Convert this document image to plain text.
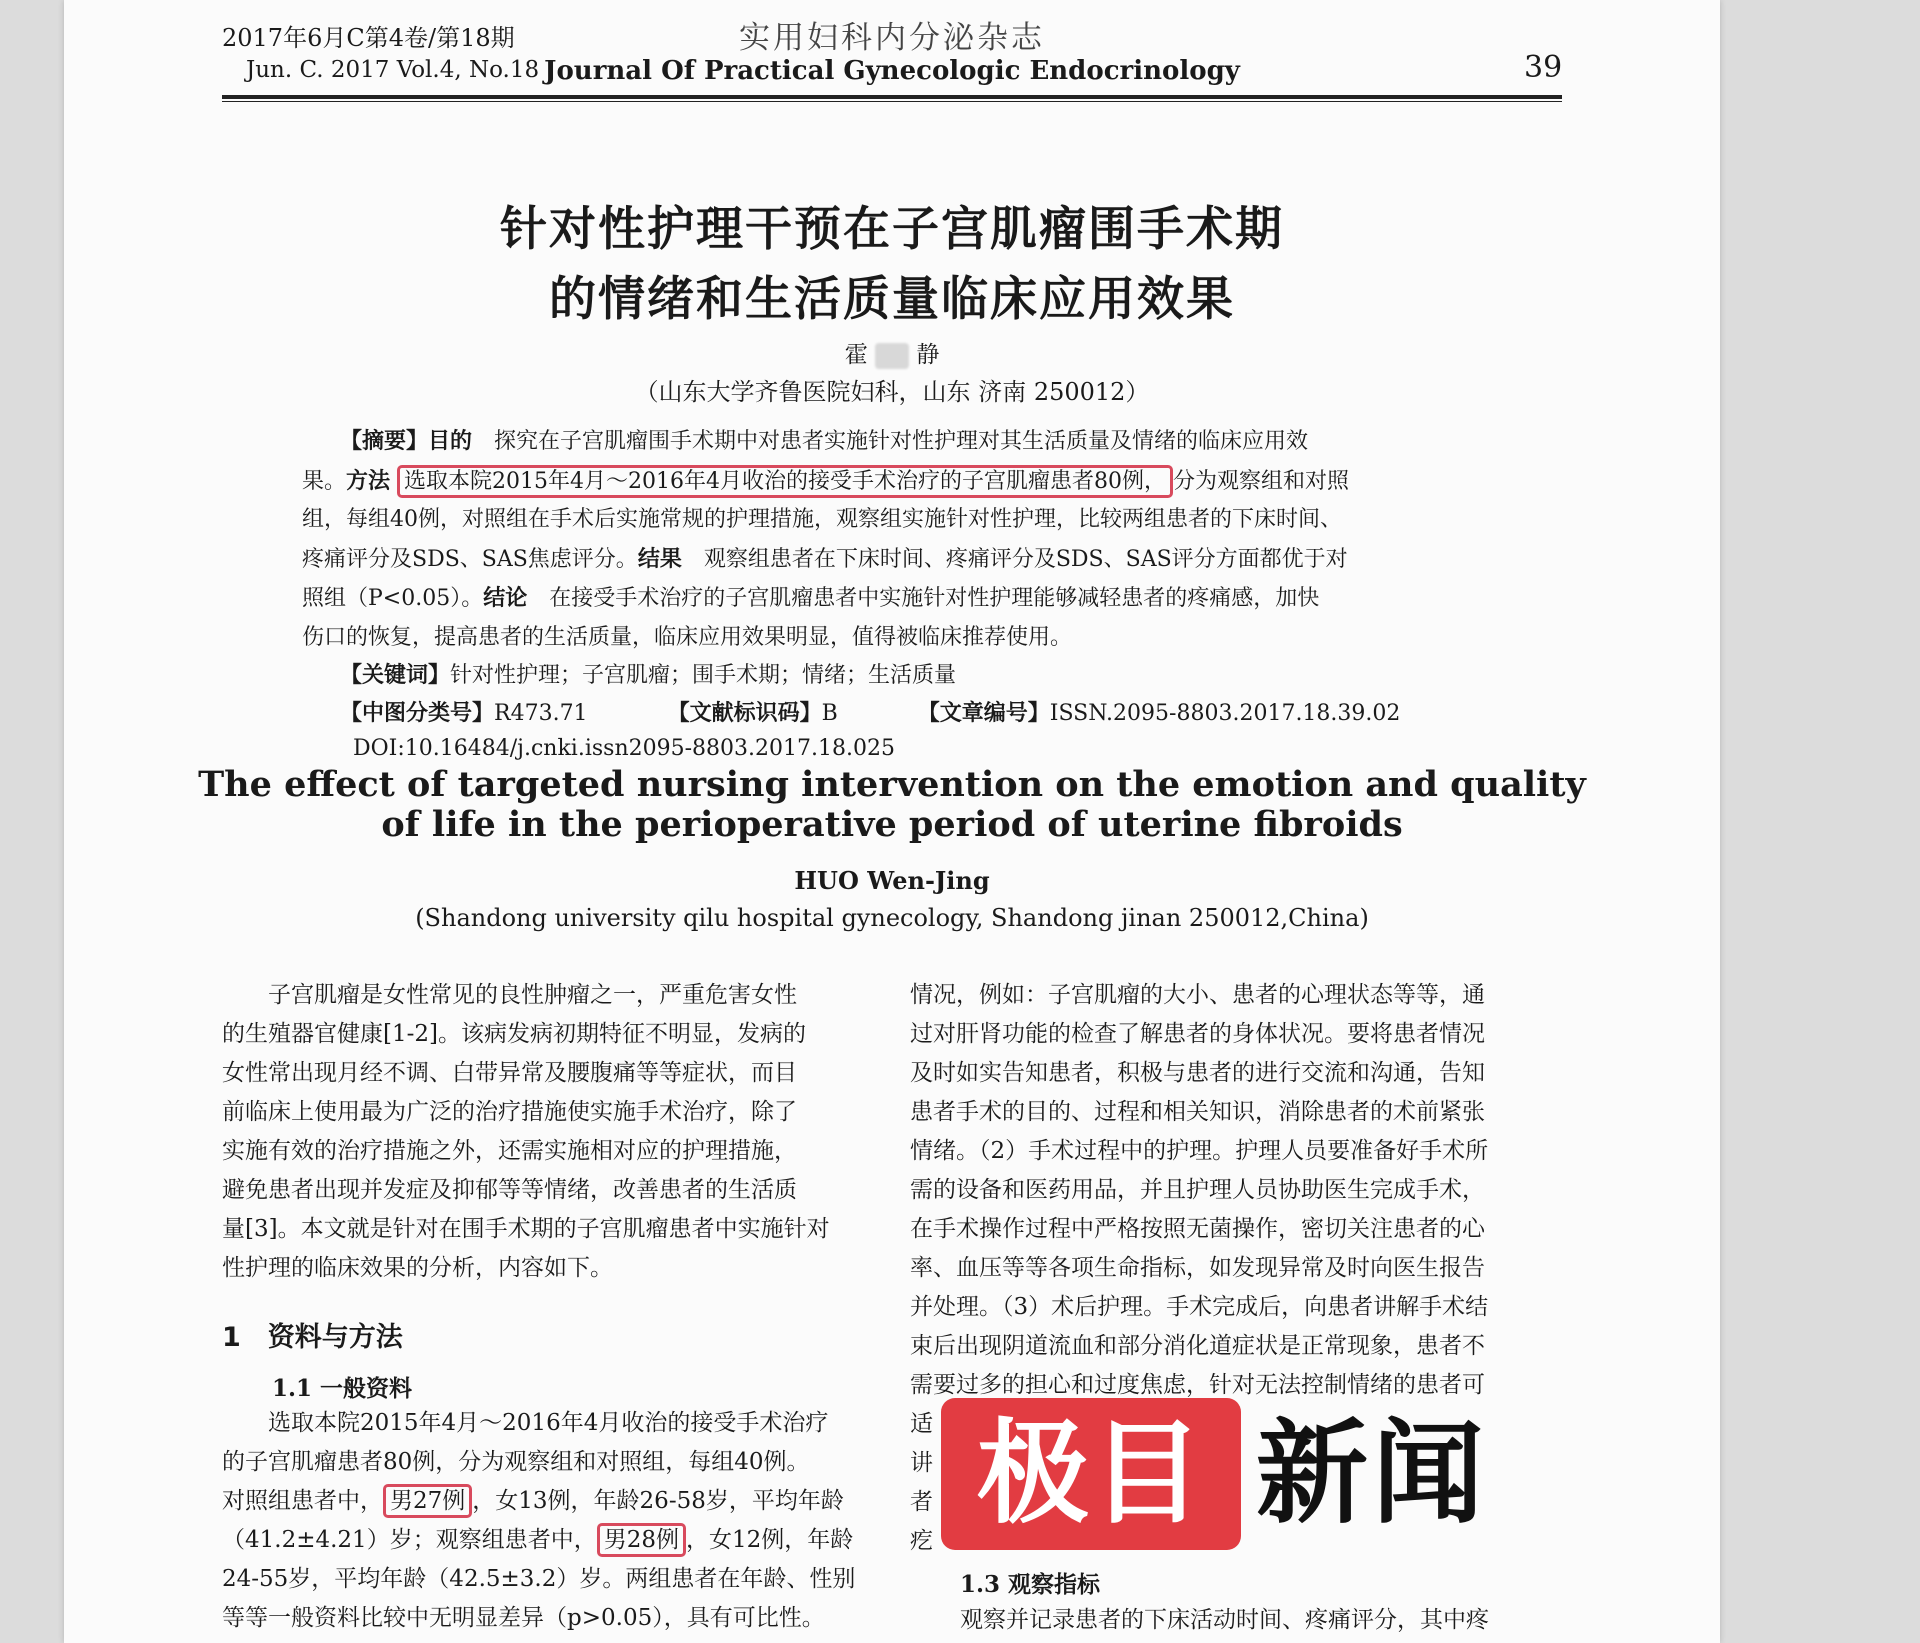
2017年6月C第4卷/第18期
Jun. C. 2017 Vol.4, No.18
实用妇科内分泌杂志
Journal Of Practical Gynecologic Endocrinology	39
针对性护理干预在子宫肌瘤围手术期
的情绪和生活质量临床应用效果
霍 静
（山东大学齐鲁医院妇科，山东 济南 250012）
【摘要】目的　 探究在子宫肌瘤围手术期中对患者实施针对性护理对其生活质量及情绪的临床应用效
果。方法 选取本院2015年4月～2016年4月收治的接受手术治疗的子宫肌瘤患者80例， 分为观察组和对照
组，每组40例，对照组在手术后实施常规的护理措施，观察组实施针对性护理，比较两组患者的下床时间、
疼痛评分及SDS、SAS焦虑评分。结果　 观察组患者在下床时间、疼痛评分及SDS、SAS评分方面都优于对
照组（P<0.05）。结论　 在接受手术治疗的子宫肌瘤患者中实施针对性护理能够减轻患者的疼痛感，加快
伤口的恢复，提高患者的生活质量，临床应用效果明显，值得被临床推荐使用。
【关键词】针对性护理；子宫肌瘤；围手术期；情绪；生活质量
【中图分类号】R473.71	【文献标识码】B	【文章编号】ISSN.2095-8803.2017.18.39.02
DOI:10.16484/j.cnki.issn2095-8803.2017.18.025
The effect of targeted nursing intervention on the emotion and quality
of life in the perioperative period of uterine fibroids
HUO Wen-Jing
(Shandong university qilu hospital gynecology, Shandong jinan 250012,China)
　　子宫肌瘤是女性常见的良性肿瘤之一，严重危害女性
的生殖器官健康[1-2]。该病发病初期特征不明显，发病的
女性常出现月经不调、白带异常及腰腹痛等等症状，而目
前临床上使用最为广泛的治疗措施使实施手术治疗，除了
实施有效的治疗措施之外，还需实施相对应的护理措施，
避免患者出现并发症及抑郁等等情绪，改善患者的生活质
量[3]。本文就是针对在围手术期的子宫肌瘤患者中实施针对
性护理的临床效果的分析，内容如下。
1　资料与方法
1.1 一般资料
　　选取本院2015年4月～2016年4月收治的接受手术治疗
的子宫肌瘤患者80例，分为观察组和对照组，每组40例。
对照组患者中， 男27例 ，女13例，年龄26-58岁，平均年龄
（41.2±4.21）岁；观察组患者中， 男28例 ，女12例，年龄
24-55岁，平均年龄（42.5±3.2）岁。两组患者在年龄、性别
等等一般资料比较中无明显差异（p>0.05），具有可比性。
情况，例如：子宫肌瘤的大小、患者的心理状态等等，通
过对肝肾功能的检查了解患者的身体状况。要将患者情况
及时如实告知患者，积极与患者的进行交流和沟通，告知
患者手术的目的、过程和相关知识，消除患者的术前紧张
情绪。（2）手术过程中的护理。护理人员要准备好手术所
需的设备和医药用品，并且护理人员协助医生完成手术，
在手术操作过程中严格按照无菌操作，密切关注患者的心
率、血压等等各项生命指标，如发现异常及时向医生报告
并处理。（3）术后护理。手术完成后，向患者讲解手术结
束后出现阴道流血和部分消化道症状是正常现象，患者不
需要过多的担心和过度焦虑，针对无法控制情绪的患者可
适
讲
者
疙
1.3 观察指标
观察并记录患者的下床活动时间、疼痛评分，其中疼
极目 新闻
